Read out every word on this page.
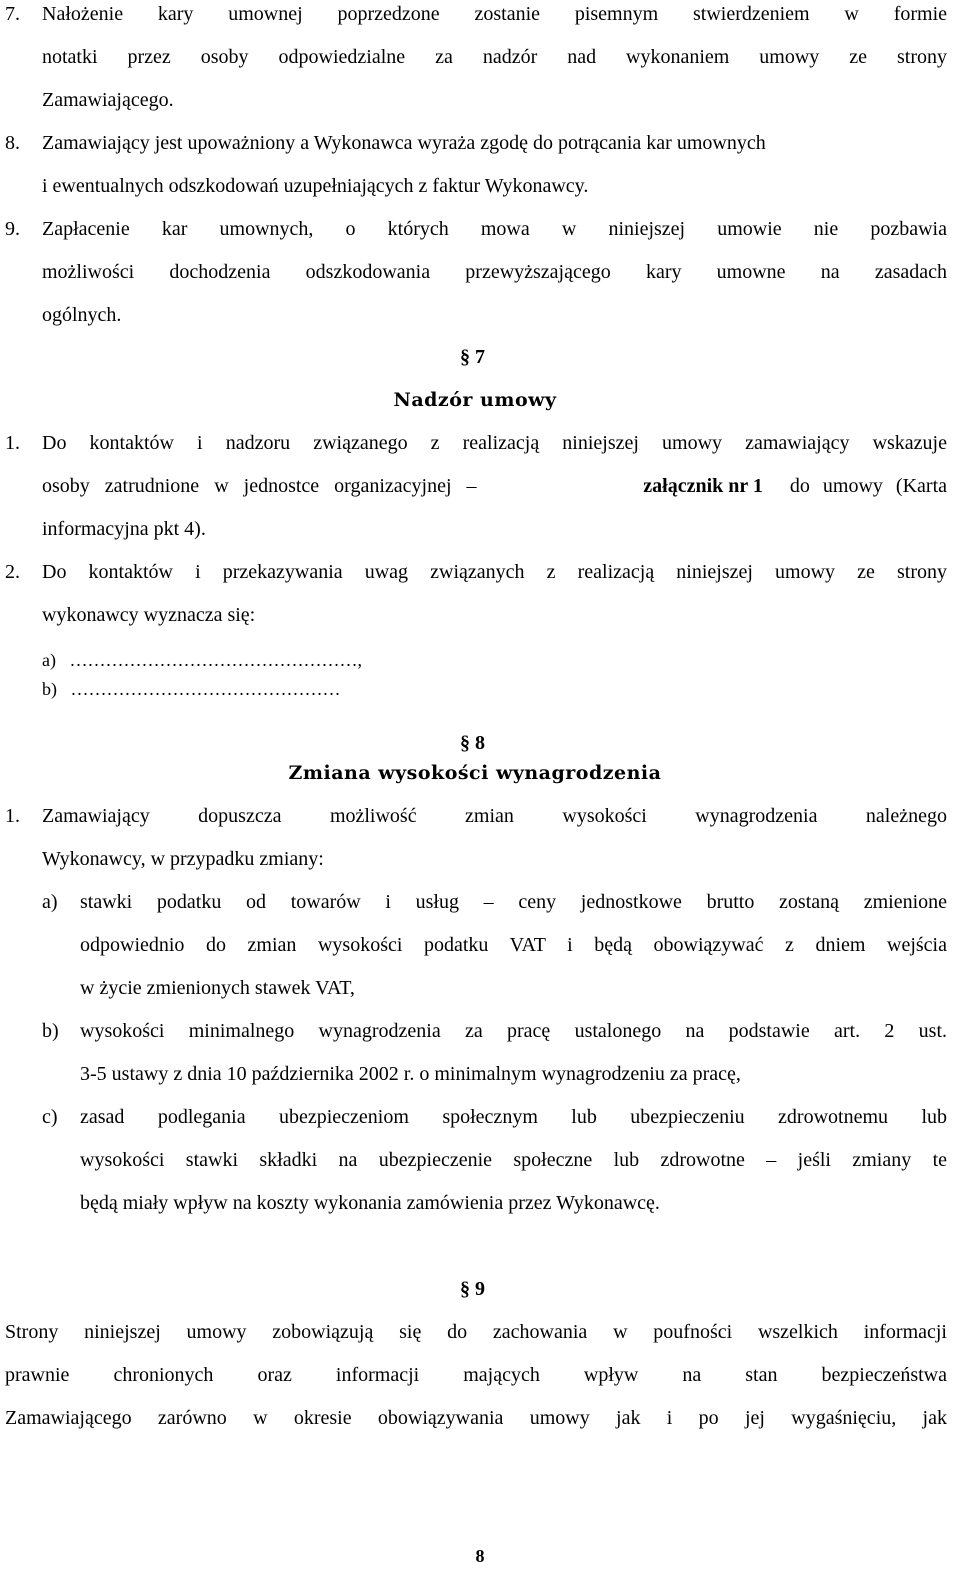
7. Nałożenie kary umownej poprzedzone zostanie pisemnym stwierdzeniem w formie
notatki przez osoby odpowiedzialne za nadzór nad wykonaniem umowy ze strony
Zamawiającego.
8. Zamawiający jest upoważniony a Wykonawca wyraża zgodę do potrącania kar umownych
i ewentualnych odszkodowań uzupełniających z faktur Wykonawcy.
9. Zapłacenie kar umownych, o których mowa w niniejszej umowie nie pozbawia
możliwości dochodzenia odszkodowania przewyższającego kary umowne na zasadach
ogólnych.
§ 7
Nadzór umowy
1. Do kontaktów i nadzoru związanego z realizacją niniejszej umowy zamawiający wskazuje
osoby zatrudnione w jednostce organizacyjnej –	załącznik nr 1 do umowy (Karta
informacyjna pkt 4).
2. Do kontaktów i przekazywania uwag związanych z realizacją niniejszej umowy ze strony
wykonawcy wyznacza się:
a)   …………………………………………,
b)   ………………………………………
§ 8
Zmiana wysokości wynagrodzenia
1. Zamawiający dopuszcza możliwość zmian wysokości wynagrodzenia należnego
Wykonawcy, w przypadku zmiany:
a) stawki podatku od towarów i usług – ceny jednostkowe brutto zostaną zmienione
odpowiednio do zmian wysokości podatku VAT i będą obowiązywać z dniem wejścia
w życie zmienionych stawek VAT,
b) wysokości minimalnego wynagrodzenia za pracę ustalonego na podstawie art. 2 ust.
3-5 ustawy z dnia 10 października 2002 r. o minimalnym wynagrodzeniu za pracę,
c) zasad podlegania ubezpieczeniom społecznym lub ubezpieczeniu zdrowotnemu lub
wysokości stawki składki na ubezpieczenie społeczne lub zdrowotne – jeśli zmiany te
będą miały wpływ na koszty wykonania zamówienia przez Wykonawcę.
§ 9
Strony niniejszej umowy zobowiązują się do zachowania w poufności wszelkich informacji
prawnie chronionych oraz informacji mających wpływ na stan bezpieczeństwa
Zamawiającego zarówno w okresie obowiązywania umowy jak i po jej wygaśnięciu, jak
8
